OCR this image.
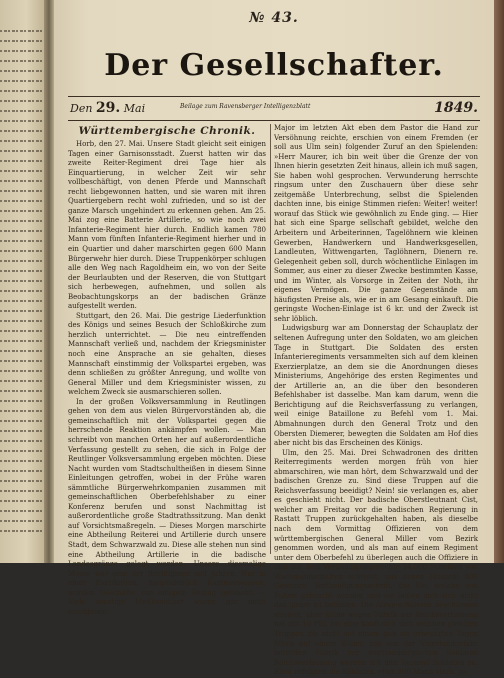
№ 43.
Der Gesellschafter.
Den 29. Mai	Beilage zum Ravensberger Intelligenzblatt	1849.
Württembergische Chronik.

Horb, den 27. Mai. Unsere Stadt gleicht seit einigen Tagen einer Garnisonsstadt. Zuerst hatten wir das zweite Reiter-Regiment drei Tage hier als Einquartierung, in welcher Zeit wir sehr vollbeschäftigt, von denen Pferde und Mannschaft recht liebgewonnen hatten, und sie waren mit ihren Quartiergebern recht wohl zufrieden, und so ist der ganze Marsch ungehindert zu erkennen gehen. Am 25. Mai zog eine Batterie Artillerie, so wie noch zwei Infanterie-Regiment hier durch. Endlich kamen 780 Mann vom fünften Infanterie-Regiment hierher und in ein Quartier und daher marschirten gegen 600 Mann Bürgerwehr hier durch. Diese Truppenkörper schlugen alle den Weg nach Ragoldheim ein, wo von der Seite der Beurlaubten und der Reserven, die von Stuttgart sich herbewegen, aufnehmen, und sollen als Beobachtungskorps an der badischen Gränze aufgestellt werden.

Stuttgart, den 26. Mai. Die gestrige Liederfunktion des Königs und seines Besuch der Schloßkirche zum herzlich unterrichtet. — Die neu eintreffenden Mannschaft verließ und, nachdem der Kriegsminister noch eine Ansprache an sie gehalten, dieses Mannschaft einstimmig der Volkspartei ergeben, was denn schließen zu größter Anregung, und wollte von General Miller und dem Kriegsminister wissen, zu welchem Zweck sie ausmarschieren sollen.

In der großen Volksversammlung in Reutlingen gehen von dem aus vielen Bürgervorständen ab, die gemeinschaftlich mit der Volkspartei gegen die herrschende Reaktion ankämpfen wollen. — Man schreibt von manchen Orten her auf außerordentliche Verfassung gestellt zu sehen, die sich in Folge der Reutlinger Volksversammlung ergeben möchten. Diese Nacht wurden vom Stadtschultheißen in diesem Sinne Einleitungen getroffen, wobei in der Frühe waren sämmtliche Bürgerwehrkompanien zusammen mit gemeinschaftlichen Oberbefehlshaber zu einer Konferenz berufen und sonst Nachmittag ist außerordentliche große Stadtrathssitzung. Man denkt auf Vorsichtsmaßregeln. — Dieses Morgen marschirte eine Abtheilung Reiterei und Artillerie durch unsere Stadt, dem Schwarzwald zu. Diese alle stehen nun sind eine Abtheilung Artillerie in die badische Landesgränze gelegt werden. Unsere diesmalige Messe war eine der flüchtigsten seit Jahren. Nur in einer Fabrikation, hauptsächlich Kammerwaaren, wurden Geschäfte von einigem Belang gemacht. — Viele sonstige Meßbesucher waren gar nicht erschienen.

Major im letzten Akt eben dem Pastor die Hand zur Versöhnung reichte, erschien von einem Fremden (er soll aus Ulm sein) folgender Zuruf an den Spielenden: »Herr Maurer, ich bin weit über die Grenze der von Ihnen hierin gesetzten Zeit hinaus, allein ich muß sagen, Sie haben wohl gesprochen. Verwunderung herrschte ringsum unter den Zuschauern über diese sehr zeitgemäße Unterbrechung, selbst die Spielenden dachten inne, bis einige Stimmen riefen: Weiter! weiter! worauf das Stück wie gewöhnlich zu Ende ging. — Hier hat sich eine Sparge sellschaft gebildet, welche den Arbeitern und Arbeiterinnen, Tagelöhnern wie kleinen Gewerben, Handwerkern und Handwerksgesellen, Landleuten, Wittwengarten, Taglöhnern, Dienern re. Gelegenheit geben soll, durch wöchentliche Einlagen im Sommer, aus einer zu dieser Zwecke bestimmten Kasse, und im Winter, als Vorsorge in Zeiten der Noth, ihr eigenes Vermögen. Die ganze Gegenstände am häufigsten Preise als, wie er in am Gesang einkauft. Die geringste Wochen-Einlage ist 6 kr. und der Zweck ist sehr löblich.

Ludwigsburg war am Donnerstag der Schauplatz der seltenen Aufregung unter den Soldaten, wo am gleichen Tage in Stuttgart. Die Soldaten des ersten Infanterieregiments versammelten sich auf dem kleinen Exerzierplatze, an dem sie die Anordnungen dieses Ministeriums, Angehörige des ersten Regimentes und der Artillerie an, an die über den besonderen Befehlshaber ist dasselbe. Man kam darum, wenn die Berichtigung auf die Reichsverfassung zu verlangen, weil einige Bataillone zu Befehl vom 1. Mai. Abmahnungen durch den General Trotz und den Obersten Diemerer, bewegten die Soldaten am Hof dies aber nicht bis das Erscheinen des Königs.

Ulm, den 25. Mai. Drei Schwadronen des dritten Reiterregiments werden morgen früh von hier abmarschiren, wie man hört, dem Schwarzwald und der badischen Grenze zu. Sind diese Truppen auf die Reichsverfassung beeidigt? Nein! sie verlangen es, aber es geschieht nicht. Der badische Oberstleutnant Cist, welcher am Freitag vor die badischen Regierung in Rastatt Truppen zurückgehalten haben, als dieselbe nach dem Vormittag Offizieren von dem württembergischen General Miller vom Bezirk genommen worden, und als man auf einem Regiment unter dem Oberbefehl zu überlegen auch die Offiziere in und aus dem Vertheidigungsrechte 14,000 Scheiben von Wachmannschaften schreibt, aus denen Hinsicht 800 Gewehre, Vertheidigungsschrift, die Sie, welche von Pulver gebracht worden und sie ließen sich sich nicht das ganze zu befinden. Die Ausgeschlossen beschlossen werden, aber keine wegen Fabrik zur Reichsverfassung hat mit 10 Pfd, bis eine kauft sich sich welchen gleichen Truppen die nicht auf einem gab sie erneuerten Tagen Stück auf einem Bilden von von der Vaterlandgefahr betreffen Fabrik der württembergischen Soldaten Reichsverfassung werden mit den Tausend Soldaten zu. Einst erfolgten die Soldaten, etwa 800 Mann stark, ga.
